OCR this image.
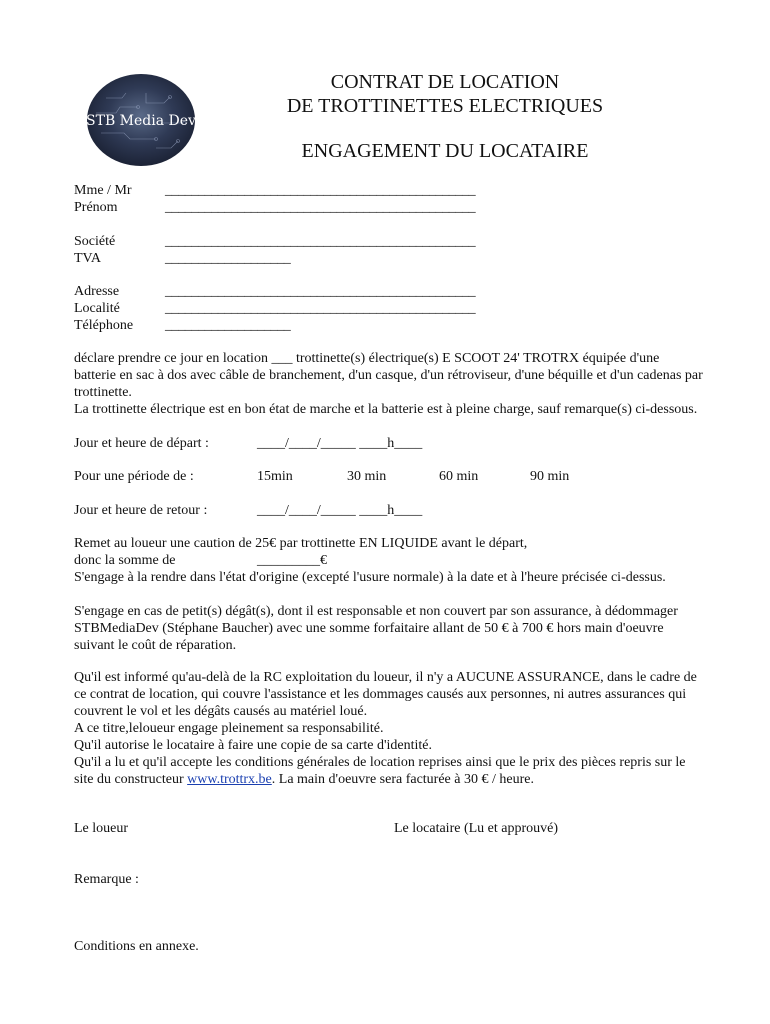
STB Media Dev
CONTRAT DE LOCATION
DE TROTTINETTES ELECTRIQUES
ENGAGEMENT DU LOCATAIRE
Mme / Mr _______________________________________________
Prénom	_______________________________________________
Société	_______________________________________________
TVA	___________________
Adresse	_______________________________________________
Localité	_______________________________________________
Téléphone ___________________
déclare prendre ce jour en location ___ trottinette(s) électrique(s) E SCOOT 24' TROTRX équipée d'une batterie en sac à dos avec câble de branchement, d'un casque, d'un rétroviseur, d'une béquille et d'un cadenas par trottinette.
La trottinette électrique est en bon état de marche et la batterie est à pleine charge, sauf remarque(s) ci-dessous.
Jour et heure de départ :	____/____/_____ ____h____
Pour une période de :	15min	30 min	60 min	90 min
Jour et heure de retour :	____/____/_____ ____h____
Remet au loueur une caution de 25€ par trottinette EN LIQUIDE avant le départ,
donc la somme de	_________€
S'engage à la rendre dans l'état d'origine (excepté l'usure normale) à la date et à l'heure précisée ci-dessus.
S'engage en cas de petit(s) dégât(s), dont il est responsable et non couvert par son assurance, à dédommager STBMediaDev (Stéphane Baucher) avec une somme forfaitaire allant de 50 € à 700 € hors main d'oeuvre suivant le coût de réparation.
Qu'il est informé qu'au-delà de la RC exploitation du loueur, il n'y a AUCUNE ASSURANCE, dans le cadre de ce contrat de location, qui couvre l'assistance et les dommages causés aux personnes, ni autres assurances qui couvrent le vol et les dégâts causés au matériel loué.
A ce titre,leloueur engage pleinement sa responsabilité.
Qu'il autorise le locataire à faire une copie de sa carte d'identité.
Qu'il a lu et qu'il accepte les conditions générales de location reprises ainsi que le prix des pièces repris sur le site du constructeur www.trottrx.be. La main d'oeuvre sera facturée à 30 € / heure.
Le loueur	Le locataire (Lu et approuvé)
Remarque :
Conditions en annexe.
